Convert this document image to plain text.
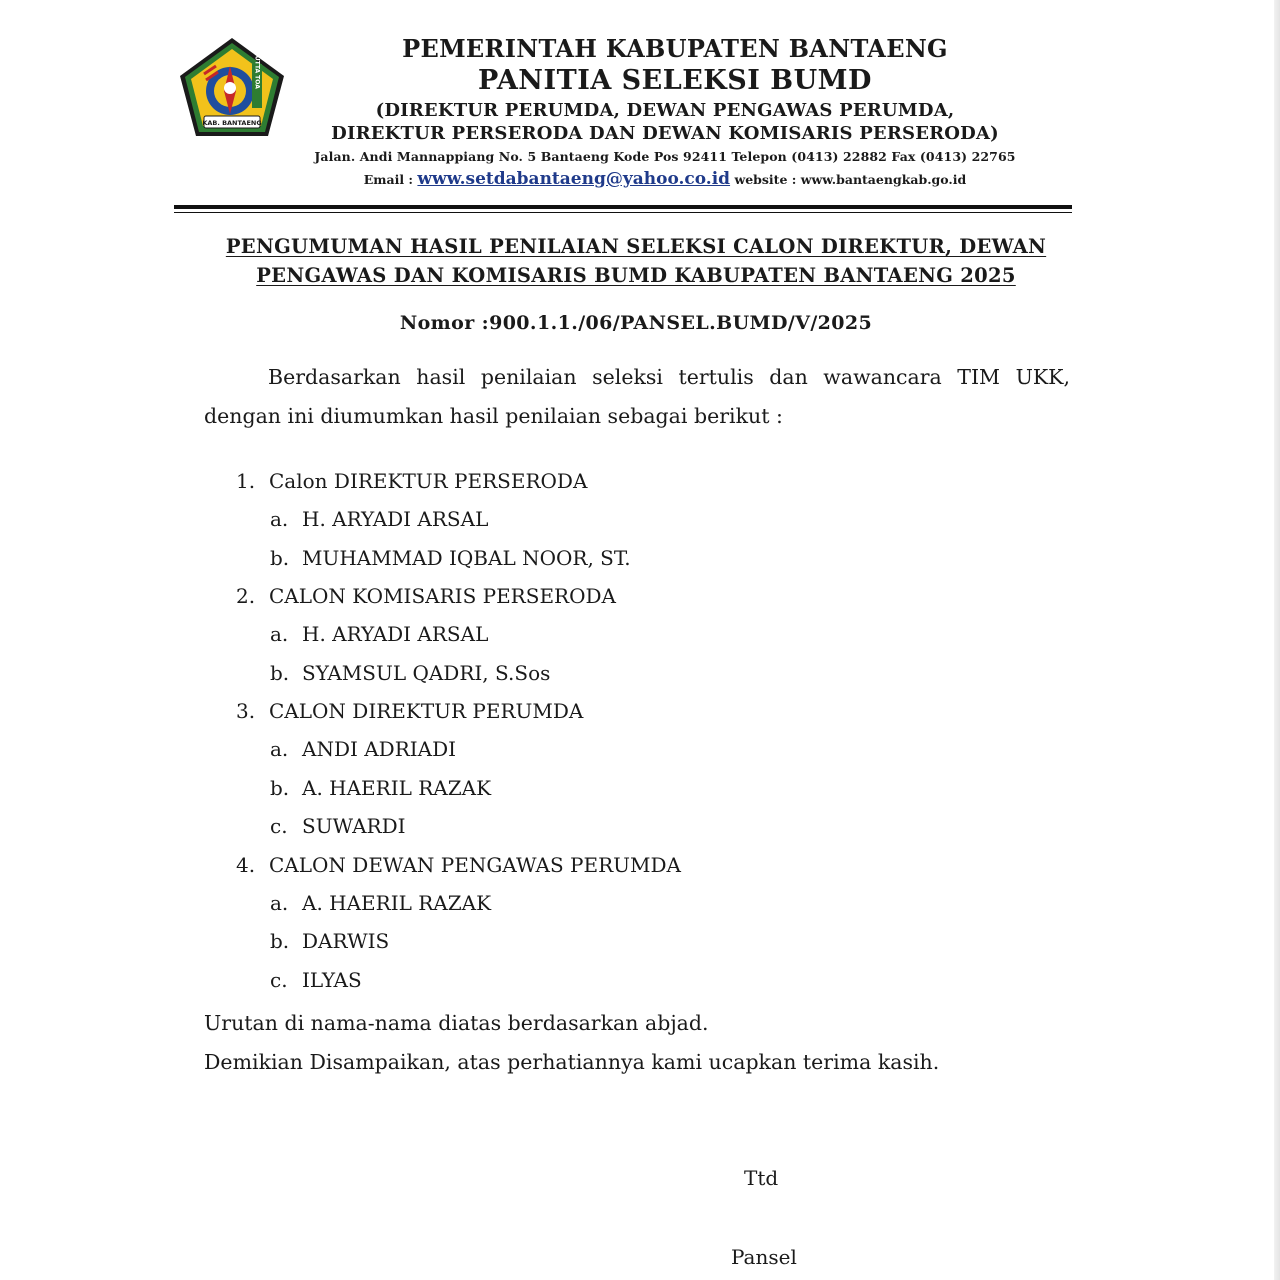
BUTTA TOA
KAB. BANTAENG
PEMERINTAH KABUPATEN BANTAENG
PANITIA SELEKSI BUMD
(DIREKTUR PERUMDA, DEWAN PENGAWAS PERUMDA,
DIREKTUR PERSERODA DAN DEWAN KOMISARIS PERSERODA)
Jalan. Andi Mannappiang No. 5 Bantaeng Kode Pos 92411 Telepon (0413) 22882 Fax (0413) 22765
Email : www.setdabantaeng@yahoo.co.id website : www.bantaengkab.go.id
PENGUMUMAN HASIL PENILAIAN SELEKSI CALON DIREKTUR, DEWAN
PENGAWAS DAN KOMISARIS BUMD KABUPATEN BANTAENG 2025
Nomor :900.1.1./06/PANSEL.BUMD/V/2025

Berdasarkan hasil penilaian seleksi tertulis dan wawancara TIM UKK, dengan ini diumumkan hasil penilaian sebagai berikut :

1. Calon DIREKTUR PERSERODA
a. H. ARYADI ARSAL
b. MUHAMMAD IQBAL NOOR, ST.
2. CALON KOMISARIS PERSERODA
a. H. ARYADI ARSAL
b. SYAMSUL QADRI, S.Sos
3. CALON DIREKTUR PERUMDA
a. ANDI ADRIADI
b. A. HAERIL RAZAK
c. SUWARDI
4. CALON DEWAN PENGAWAS PERUMDA
a. A. HAERIL RAZAK
b. DARWIS
c. ILYAS
Urutan di nama-nama diatas berdasarkan abjad.
Demikian Disampaikan, atas perhatiannya kami ucapkan terima kasih.
Ttd
Pansel
